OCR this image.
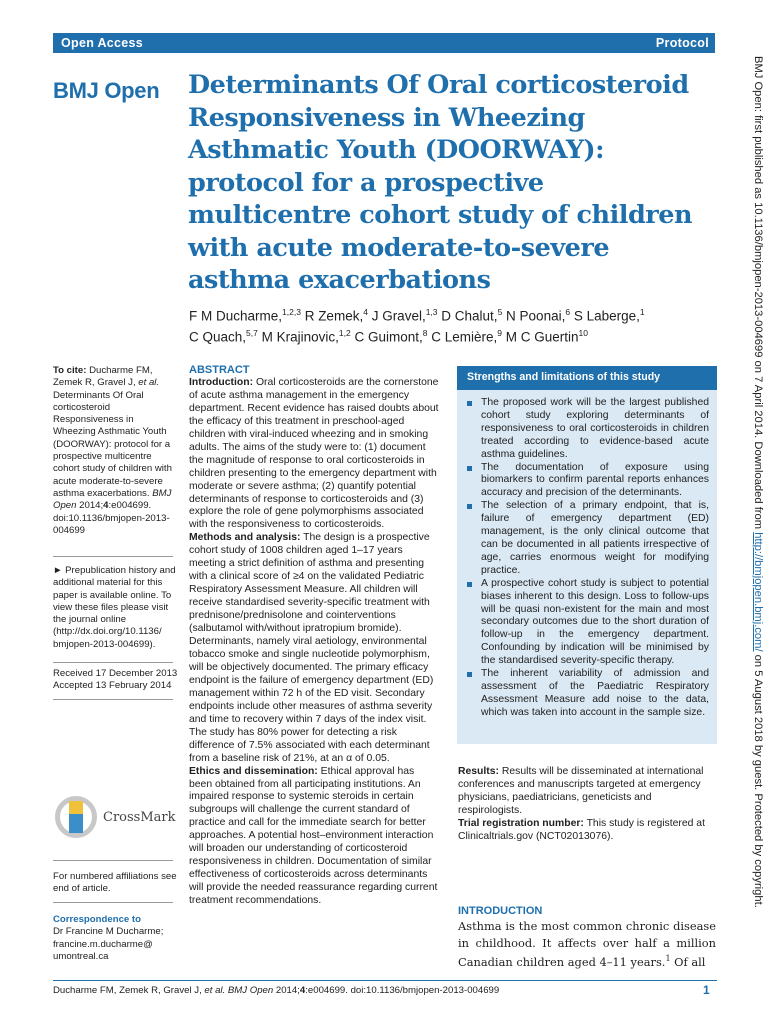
Open Access	Protocol
BMJ Open Determinants Of Oral corticosteroid Responsiveness in Wheezing Asthmatic Youth (DOORWAY): protocol for a prospective multicentre cohort study of children with acute moderate-to-severe asthma exacerbations
F M Ducharme,$^{1,2,3}$ R Zemek,$^4$ J Gravel,$^{1,3}$ D Chalut,$^5$ N Poonai,$^6$ S Laberge,$^1$
C Quach,$^{5,7}$ M Krajinovic,$^{1,2}$ C Guimont,$^8$ C Lemière,$^9$ M C Guertin$^{10}$
To cite: Ducharme FM, Zemek R, Gravel J, et al. Determinants Of Oral corticosteroid Responsiveness in Wheezing Asthmatic Youth (DOORWAY): protocol for a prospective multicentre cohort study of children with acute moderate-to-severe asthma exacerbations. BMJ Open 2014;4:e004699. doi:10.1136/bmjopen-2013-004699
► Prepublication history and additional material for this paper is available online. To view these files please visit the journal online (http://dx.doi.org/10.1136/ bmjopen-2013-004699).
Received 17 December 2013
Accepted 13 February 2014
CrossMark
For numbered affiliations see end of article.
Correspondence to
Dr Francine M Ducharme;
francine.m.ducharme@ umontreal.ca
ABSTRACT
Introduction: Oral corticosteroids are the cornerstone of acute asthma management in the emergency department. Recent evidence has raised doubts about the efficacy of this treatment in preschool-aged children with viral-induced wheezing and in smoking adults. The aims of the study were to: (1) document the magnitude of response to oral corticosteroids in children presenting to the emergency department with moderate or severe asthma; (2) quantify potential determinants of response to corticosteroids and (3) explore the role of gene polymorphisms associated with the responsiveness to corticosteroids.
Methods and analysis: The design is a prospective cohort study of 1008 children aged 1–17 years meeting a strict definition of asthma and presenting with a clinical score of ≥4 on the validated Pediatric Respiratory Assessment Measure. All children will receive standardised severity-specific treatment with prednisone/prednisolone and cointerventions (salbutamol with/without ipratropium bromide). Determinants, namely viral aetiology, environmental tobacco smoke and single nucleotide polymorphism, will be objectively documented. The primary efficacy endpoint is the failure of emergency department (ED) management within 72 h of the ED visit. Secondary endpoints include other measures of asthma severity and time to recovery within 7 days of the index visit. The study has 80% power for detecting a risk difference of 7.5% associated with each determinant from a baseline risk of 21%, at an α of 0.05.
Ethics and dissemination: Ethical approval has been obtained from all participating institutions. An impaired response to systemic steroids in certain subgroups will challenge the current standard of practice and call for the immediate search for better approaches. A potential host–environment interaction will broaden our understanding of corticosteroid responsiveness in children. Documentation of similar effectiveness of corticosteroids across determinants will provide the needed reassurance regarding current treatment recommendations.
Strengths and limitations of this study
The proposed work will be the largest published cohort study exploring determinants of responsiveness to oral corticosteroids in children treated according to evidence-based acute asthma guidelines.
The documentation of exposure using biomarkers to confirm parental reports enhances accuracy and precision of the determinants.
The selection of a primary endpoint, that is, failure of emergency department (ED) management, is the only clinical outcome that can be documented in all patients irrespective of age, carries enormous weight for modifying practice.
A prospective cohort study is subject to potential biases inherent to this design. Loss to follow-ups will be quasi non-existent for the main and most secondary outcomes due to the short duration of follow-up in the emergency department. Confounding by indication will be minimised by the standardised severity-specific therapy.
The inherent variability of admission and assessment of the Paediatric Respiratory Assessment Measure add noise to the data, which was taken into account in the sample size.
Results: Results will be disseminated at international conferences and manuscripts targeted at emergency physicians, paediatricians, geneticists and respirologists.
Trial registration number: This study is registered at Clinicaltrials.gov (NCT02013076).
INTRODUCTION
Asthma is the most common chronic disease in childhood. It affects over half a million Canadian children aged 4–11 years.$^1$ Of all
BMJ Open: first published as 10.1136/bmjopen-2013-004699 on 7 April 2014. Downloaded from http://bmjopen.bmj.com/ on 5 August 2018 by guest. Protected by copyright.
Ducharme FM, Zemek R, Gravel J, et al. BMJ Open 2014;4:e004699. doi:10.1136/bmjopen-2013-004699	1
